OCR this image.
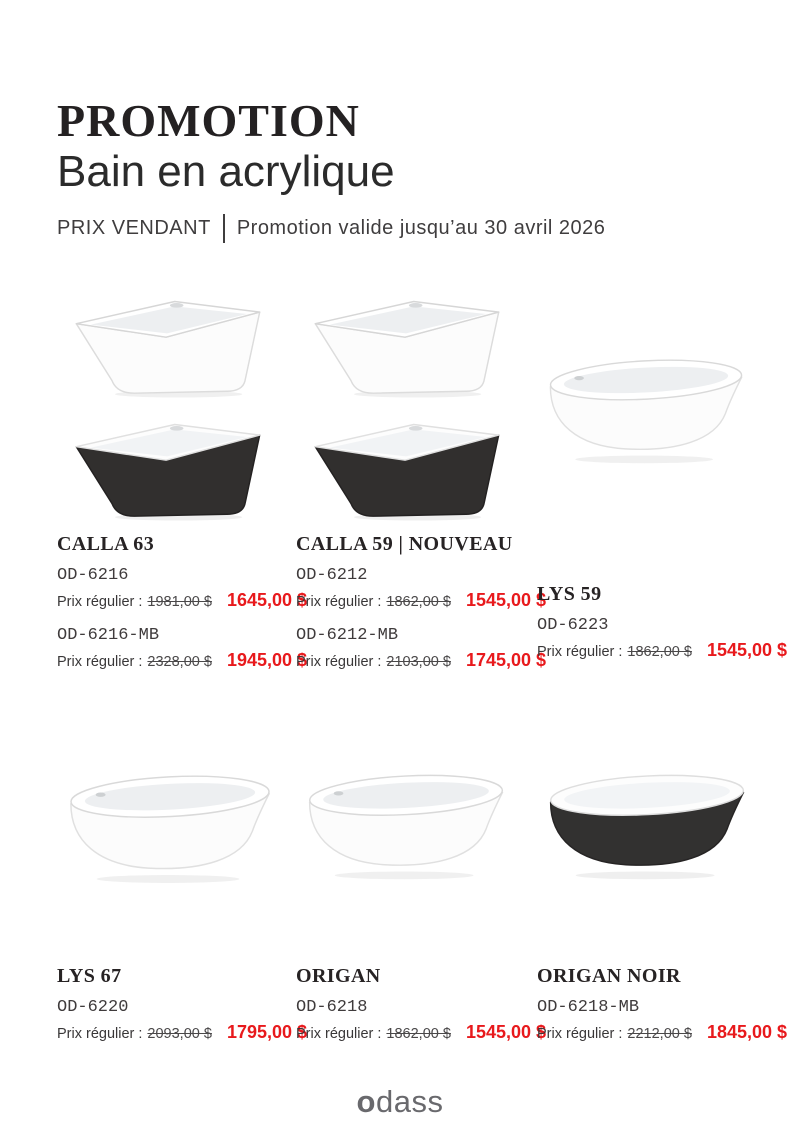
PROMOTION
Bain en acrylique
PRIX VENDANT Promotion valide jusqu’au 30 avril 2026
CALLA 63
OD-6216
Prix régulier : 1981,00 $ 1645,00 $
OD-6216-MB
Prix régulier : 2328,00 $ 1945,00 $
CALLA 59 | NOUVEAU
OD-6212
Prix régulier : 1862,00 $ 1545,00 $
OD-6212-MB
Prix régulier : 2103,00 $ 1745,00 $
LYS 59
OD-6223
Prix régulier : 1862,00 $ 1545,00 $
LYS 67
OD-6220
Prix régulier : 2093,00 $ 1795,00 $
ORIGAN
OD-6218
Prix régulier : 1862,00 $ 1545,00 $
ORIGAN NOIR
OD-6218-MB
Prix régulier : 2212,00 $ 1845,00 $
odass
